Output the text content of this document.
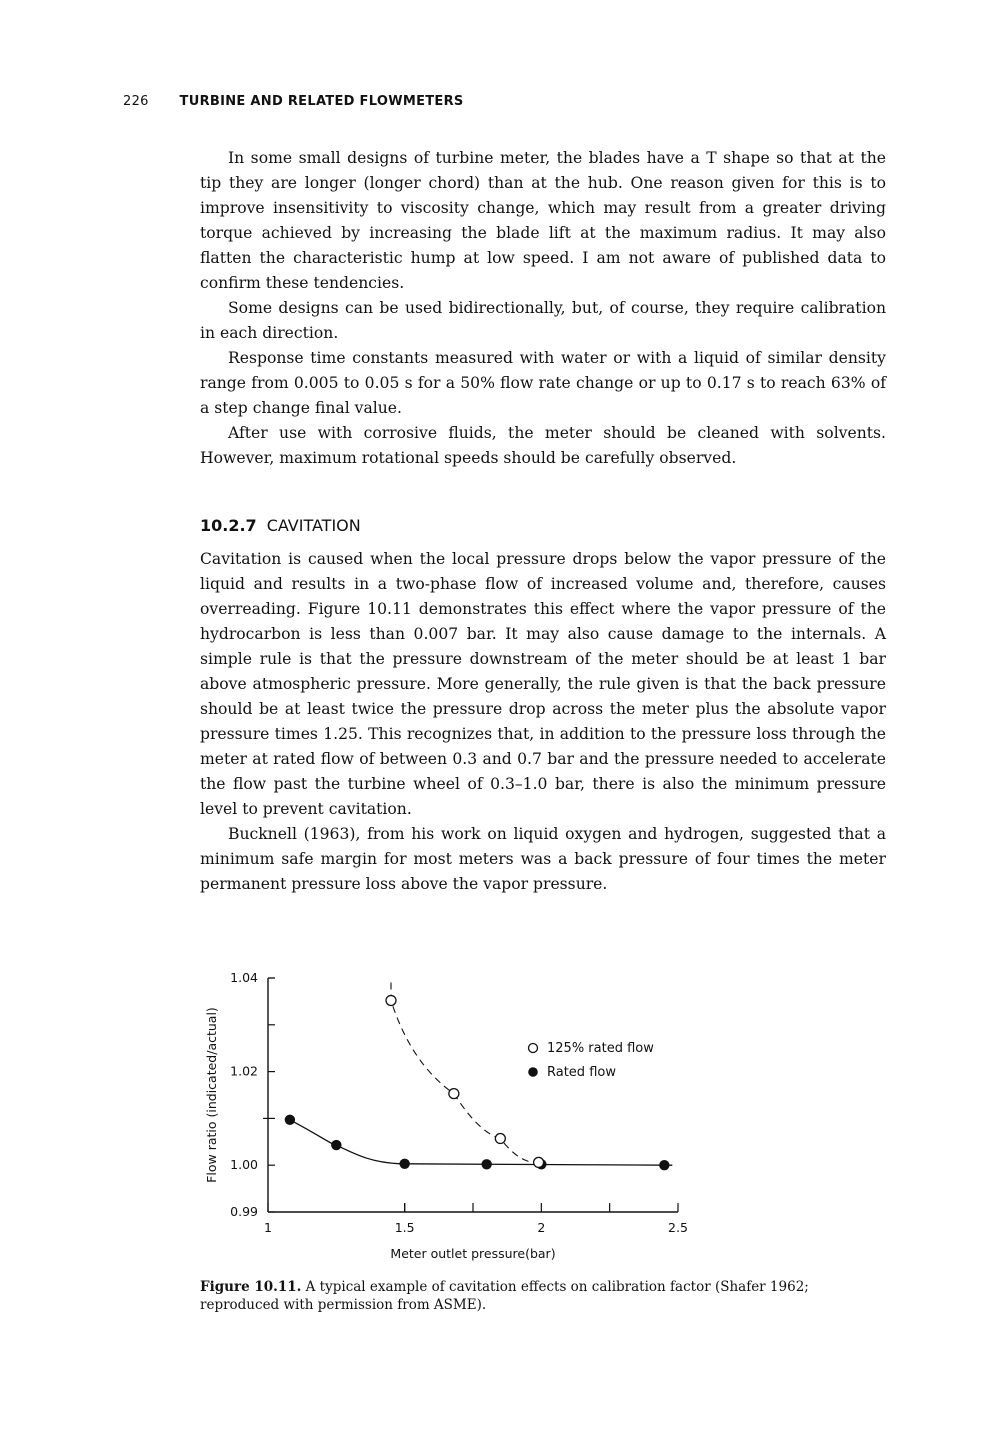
226 TURBINE AND RELATED FLOWMETERS

In some small designs of turbine meter, the blades have a T shape so that at the tip they are longer (longer chord) than at the hub. One reason given for this is to improve insensitivity to viscosity change, which may result from a greater driving torque achieved by increasing the blade lift at the maximum radius. It may also flatten the characteristic hump at low speed. I am not aware of published data to confirm these tendencies.

Some designs can be used bidirectionally, but, of course, they require calibration in each direction.

Response time constants measured with water or with a liquid of similar density range from 0.005 to 0.05 s for a 50% flow rate change or up to 0.17 s to reach 63% of a step change final value.

After use with corrosive fluids, the meter should be cleaned with solvents. However, maximum rotational speeds should be carefully observed.

10.2.7 CAVITATION

Cavitation is caused when the local pressure drops below the vapor pressure of the liquid and results in a two-phase flow of increased volume and, therefore, causes overreading. Figure 10.11 demonstrates this effect where the vapor pressure of the hydrocarbon is less than 0.007 bar. It may also cause damage to the internals. A simple rule is that the pressure downstream of the meter should be at least 1 bar above atmospheric pressure. More generally, the rule given is that the back pressure should be at least twice the pressure drop across the meter plus the absolute vapor pressure times 1.25. This recognizes that, in addition to the pressure loss through the meter at rated flow of between 0.3 and 0.7 bar and the pressure needed to accelerate the flow past the turbine wheel of 0.3–1.0 bar, there is also the minimum pressure level to prevent cavitation.

Bucknell (1963), from his work on liquid oxygen and hydrogen, suggested that a minimum safe margin for most meters was a back pressure of four times the meter permanent pressure loss above the vapor pressure.

0.99
1.00
1.02
1.04
1	1.5	2	2.5
Meter outlet pressure(bar)
Flow ratio (indicated/actual)	125% rated flow
Rated flow
Figure 10.11. A typical example of cavitation effects on calibration factor (Shafer 1962; reproduced with permission from ASME).
